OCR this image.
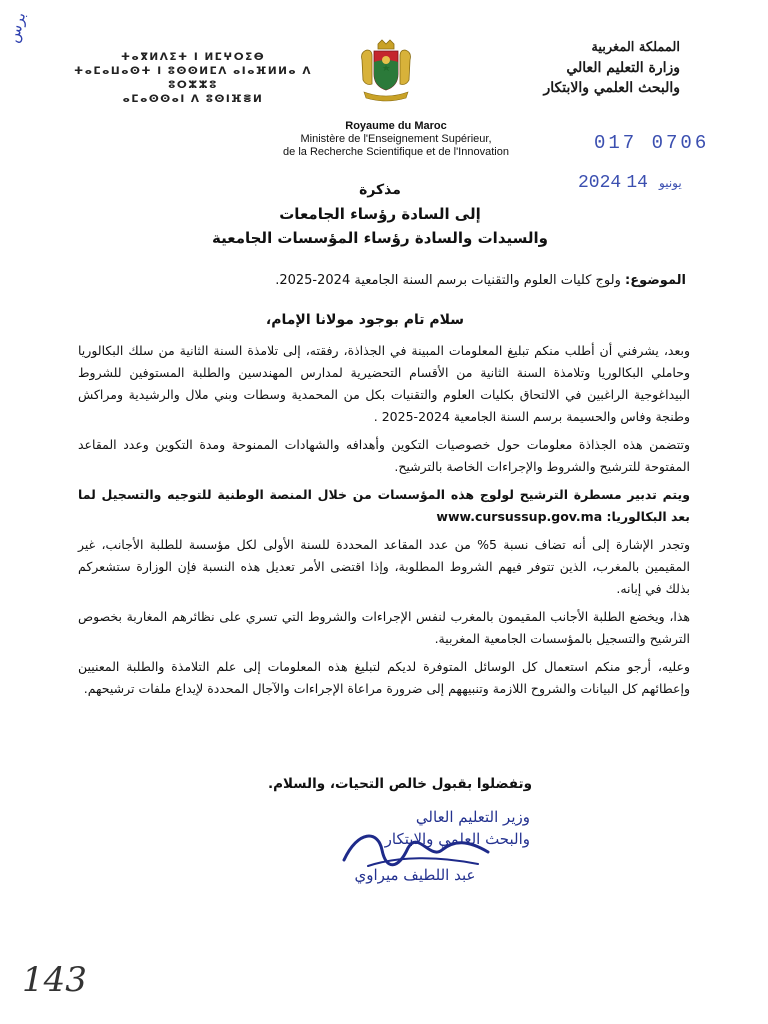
برس
ⵜⴰⴳⵍⴷⵉⵜ ⵏ ⵍⵎⵖⵔⵉⴱ
ⵜⴰⵎⴰⵡⴰⵙⵜ ⵏ ⵓⵙⵙⵍⵎⴷ ⴰⵏⴰⴼⵍⵍⴰ ⴷ ⵓⵔⵣⵣⵓ
ⴰⵎⴰⵙⵙⴰⵏ ⴷ ⵓⵙⵏⴼⴻⵍ
المملكة المغربية
وزارة التعليم العالي
والبحث العلمي والابتكار
Royaume du Maroc
Ministère de l'Enseignement Supérieur,
de la Recherche Scientifique et de l'Innovation	017 0706
2024	يونيو 14
مذكرة
إلى السادة رؤساء الجامعات
والسيدات والسادة رؤساء المؤسسات الجامعية
الموضوع: ولوج كليات العلوم والتقنيات برسم السنة الجامعية 2024-2025.
سلام تام بوجود مولانا الإمام،
وبعد، يشرفني أن أطلب منكم تبليغ المعلومات المبينة في الجذاذة، رفقته، إلى تلامذة السنة الثانية من سلك البكالوريا وحاملي البكالوريا وتلامذة السنة الثانية من الأقسام التحضيرية لمدارس المهندسين والطلبة المستوفين للشروط البيداغوجية الراغبين في الالتحاق بكليات العلوم والتقنيات بكل من المحمدية وسطات وبني ملال والرشيدية ومراكش وطنجة وفاس والحسيمة برسم السنة الجامعية 2024-2025 .
وتتضمن هذه الجذاذة معلومات حول خصوصيات التكوين وأهدافه والشهادات الممنوحة ومدة التكوين وعدد المقاعد المفتوحة للترشيح والشروط والإجراءات الخاصة بالترشيح.
ويتم تدبير مسطرة الترشيح لولوج هذه المؤسسات من خلال المنصة الوطنية للتوجيه والتسجيل لما بعد البكالوريا: www.cursussup.gov.ma
وتجدر الإشارة إلى أنه تضاف نسبة 5% من عدد المقاعد المحددة للسنة الأولى لكل مؤسسة للطلبة الأجانب، غير المقيمين بالمغرب، الذين تتوفر فيهم الشروط المطلوبة، وإذا اقتضى الأمر تعديل هذه النسبة فإن الوزارة ستشعركم بذلك في إبانه.
هذا، ويخضع الطلبة الأجانب المقيمون بالمغرب لنفس الإجراءات والشروط التي تسري على نظائرهم المغاربة بخصوص الترشيح والتسجيل بالمؤسسات الجامعية المغربية.
وعليه، أرجو منكم استعمال كل الوسائل المتوفرة لديكم لتبليغ هذه المعلومات إلى علم التلامذة والطلبة المعنيين وإعطائهم كل البيانات والشروح اللازمة وتنبيههم إلى ضرورة مراعاة الإجراءات والآجال المحددة لإيداع ملفات ترشيحهم.
وتفضلوا بقبول خالص التحيات، والسلام.
وزير التعليم العالي
والبحث العلمي والابتكار
عبد اللطيف ميراوي
143
